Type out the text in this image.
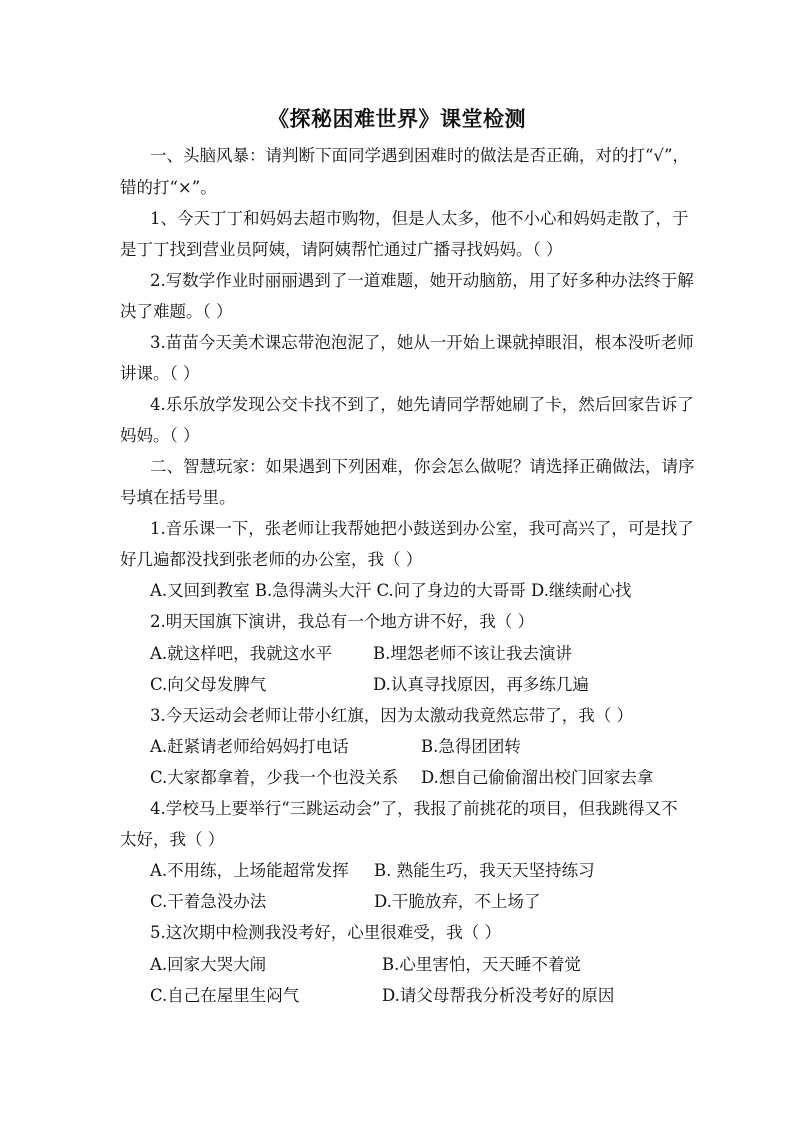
《探秘困难世界》课堂检测
一、头脑风暴：请判断下面同学遇到困难时的做法是否正确，对的打“√”，
错的打“×”。
1、今天丁丁和妈妈去超市购物，但是人太多，他不小心和妈妈走散了，于
是丁丁找到营业员阿姨，请阿姨帮忙通过广播寻找妈妈。（ ）
2.写数学作业时丽丽遇到了一道难题，她开动脑筋，用了好多种办法终于解
决了难题。（ ）
3.苗苗今天美术课忘带泡泡泥了，她从一开始上课就掉眼泪，根本没听老师
讲课。（ ）
4.乐乐放学发现公交卡找不到了，她先请同学帮她刷了卡，然后回家告诉了
妈妈。（ ）
二、智慧玩家：如果遇到下列困难，你会怎么做呢？请选择正确做法，请序
号填在括号里。
1.音乐课一下，张老师让我帮她把小鼓送到办公室，我可高兴了，可是找了
好几遍都没找到张老师的办公室，我（ ）
A.又回到教室 B.急得满头大汗 C.问了身边的大哥哥 D.继续耐心找
2.明天国旗下演讲，我总有一个地方讲不好，我（ ）
A.就这样吧，我就这水平 B.埋怨老师不该让我去演讲
C.向父母发脾气	D.认真寻找原因，再多练几遍
3.今天运动会老师让带小红旗，因为太激动我竟然忘带了，我（ ）
A.赶紧请老师给妈妈打电话	B.急得团团转
C.大家都拿着，少我一个也没关系 D.想自己偷偷溜出校门回家去拿
4.学校马上要举行“三跳运动会”了，我报了前挑花的项目，但我跳得又不
太好，我（ ）
A.不用练，上场能超常发挥 B. 熟能生巧，我天天坚持练习
C.干着急没办法	D.干脆放弃，不上场了
5.这次期中检测我没考好，心里很难受，我（ ）
A.回家大哭大闹	B.心里害怕，天天睡不着觉
C.自己在屋里生闷气	D.请父母帮我分析没考好的原因
